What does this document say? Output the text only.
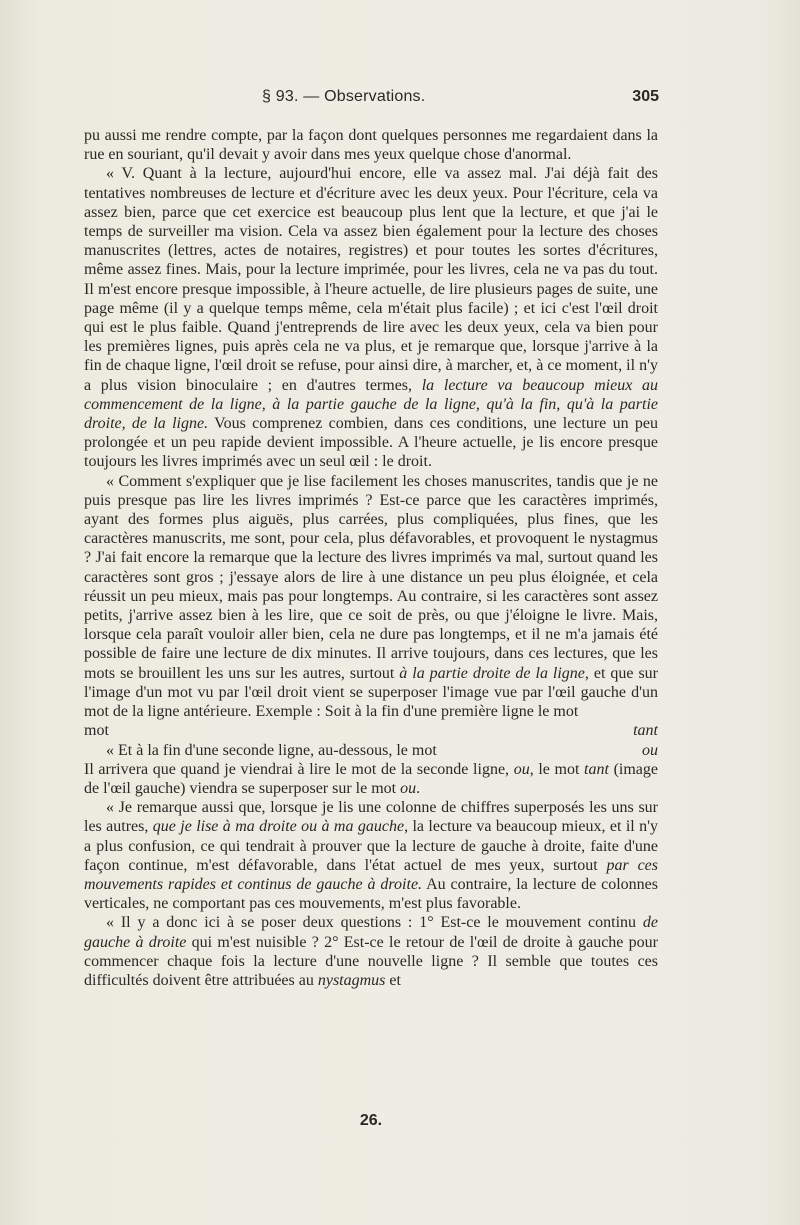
§ 93. — Observations.	305

pu aussi me rendre compte, par la façon dont quelques personnes me regardaient dans la rue en souriant, qu'il devait y avoir dans mes yeux quelque chose d'anormal.

« V. Quant à la lecture, aujourd'hui encore, elle va assez mal. J'ai déjà fait des tentatives nombreuses de lecture et d'écriture avec les deux yeux. Pour l'écriture, cela va assez bien, parce que cet exercice est beaucoup plus lent que la lecture, et que j'ai le temps de surveiller ma vision. Cela va assez bien également pour la lecture des choses manuscrites (lettres, actes de notaires, registres) et pour toutes les sortes d'écritures, même assez fines. Mais, pour la lecture imprimée, pour les livres, cela ne va pas du tout. Il m'est encore presque impossible, à l'heure actuelle, de lire plusieurs pages de suite, une page même (il y a quelque temps même, cela m'était plus facile) ; et ici c'est l'œil droit qui est le plus faible. Quand j'entreprends de lire avec les deux yeux, cela va bien pour les premières lignes, puis après cela ne va plus, et je remarque que, lorsque j'arrive à la fin de chaque ligne, l'œil droit se refuse, pour ainsi dire, à marcher, et, à ce moment, il n'y a plus vision binoculaire ; en d'autres termes, la lecture va beaucoup mieux au commencement de la ligne, à la partie gauche de la ligne, qu'à la fin, qu'à la partie droite, de la ligne. Vous comprenez combien, dans ces conditions, une lecture un peu prolongée et un peu rapide devient impossible. A l'heure actuelle, je lis encore presque toujours les livres imprimés avec un seul œil : le droit.

« Comment s'expliquer que je lise facilement les choses manuscrites, tandis que je ne puis presque pas lire les livres imprimés ? Est-ce parce que les caractères imprimés, ayant des formes plus aiguës, plus carrées, plus compliquées, plus fines, que les caractères manuscrits, me sont, pour cela, plus défavorables, et provoquent le nystagmus ? J'ai fait encore la remarque que la lecture des livres imprimés va mal, surtout quand les caractères sont gros ; j'essaye alors de lire à une distance un peu plus éloignée, et cela réussit un peu mieux, mais pas pour longtemps. Au contraire, si les caractères sont assez petits, j'arrive assez bien à les lire, que ce soit de près, ou que j'éloigne le livre. Mais, lorsque cela paraît vouloir aller bien, cela ne dure pas longtemps, et il ne m'a jamais été possible de faire une lecture de dix minutes. Il arrive toujours, dans ces lectures, que les mots se brouillent les uns sur les autres, surtout à la partie droite de la ligne, et que sur l'image d'un mot vu par l'œil droit vient se superposer l'image vue par l'œil gauche d'un mot de la ligne antérieure. Exemple : Soit à la fin d'une première ligne le mot

mot	tant
« Et à la fin d'une seconde ligne, au-dessous, le mot	ou

Il arrivera que quand je viendrai à lire le mot de la seconde ligne, ou, le mot tant (image de l'œil gauche) viendra se superposer sur le mot ou.

« Je remarque aussi que, lorsque je lis une colonne de chiffres superposés les uns sur les autres, que je lise à ma droite ou à ma gauche, la lecture va beaucoup mieux, et il n'y a plus confusion, ce qui tendrait à prouver que la lecture de gauche à droite, faite d'une façon continue, m'est défavorable, dans l'état actuel de mes yeux, surtout par ces mouvements rapides et continus de gauche à droite. Au contraire, la lecture de colonnes verticales, ne comportant pas ces mouvements, m'est plus favorable.

« Il y a donc ici à se poser deux questions : 1° Est-ce le mouvement continu de gauche à droite qui m'est nuisible ? 2° Est-ce le retour de l'œil de droite à gauche pour commencer chaque fois la lecture d'une nouvelle ligne ? Il semble que toutes ces difficultés doivent être attribuées au nystagmus et

26.
